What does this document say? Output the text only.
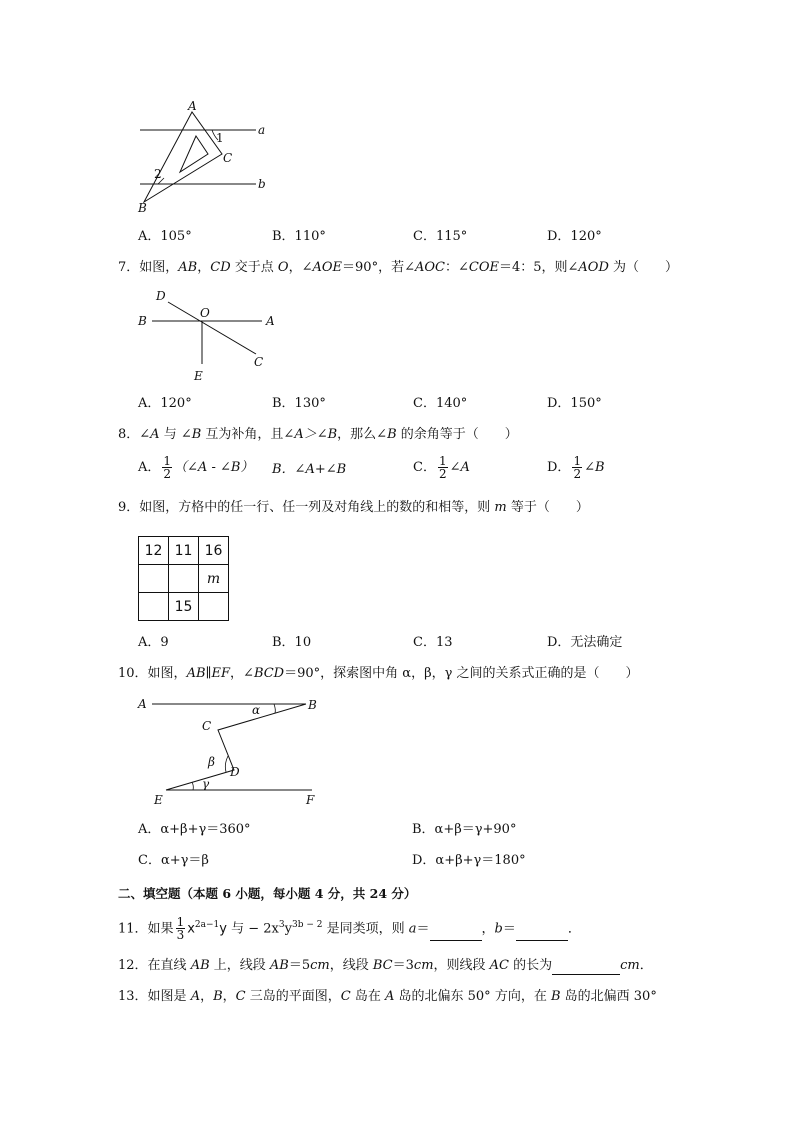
A
1
a
C
2
b
B
A．105°	B．110°	C．115°	D．120°
7．如图，AB，CD 交于点 O，∠AOE＝90°，若∠AOC：∠COE＝4：5，则∠AOD 为（　　）
D
O
B	A
C
E
A．120°	B．130°	C．140°	D．150°
8．∠A 与 ∠B 互为补角，且∠A＞∠B，那么∠B 的余角等于（　　）
A． $\frac{1}{2}$ （∠A - ∠B） B．∠A+∠B	C． $\frac{1}{2}$ ∠A	D． $\frac{1}{2}$ ∠B
9．如图，方格中的任一行、任一列及对角线上的数的和相等，则 m 等于（　　）
12	11	16
		m
	15	
A．9	B．10	C．13	D．无法确定
10．如图，AB∥EF，∠BCD＝90°，探索图中角 α，β，γ 之间的关系式正确的是（　　）
A	B
α
C
β
D
γ
E	F
A．α+β+γ＝360°	B．α+β＝γ+90°
C．α+γ＝β	D．α+β+γ＝180°
二、填空题（本题 6 小题，每小题 4 分，共 24 分）
11．如果 $\frac{1}{3} x^{2a-1}y$ 与 − $2x^3y^{3b - 2}$ 是同类项，则 a＝	，b＝	．
12．在直线 AB 上，线段 AB＝5cm，线段 BC＝3cm，则线段 AC 的长为	cm．
13．如图是 A，B，C 三岛的平面图，C 岛在 A 岛的北偏东 50° 方向，在 B 岛的北偏西 30°
